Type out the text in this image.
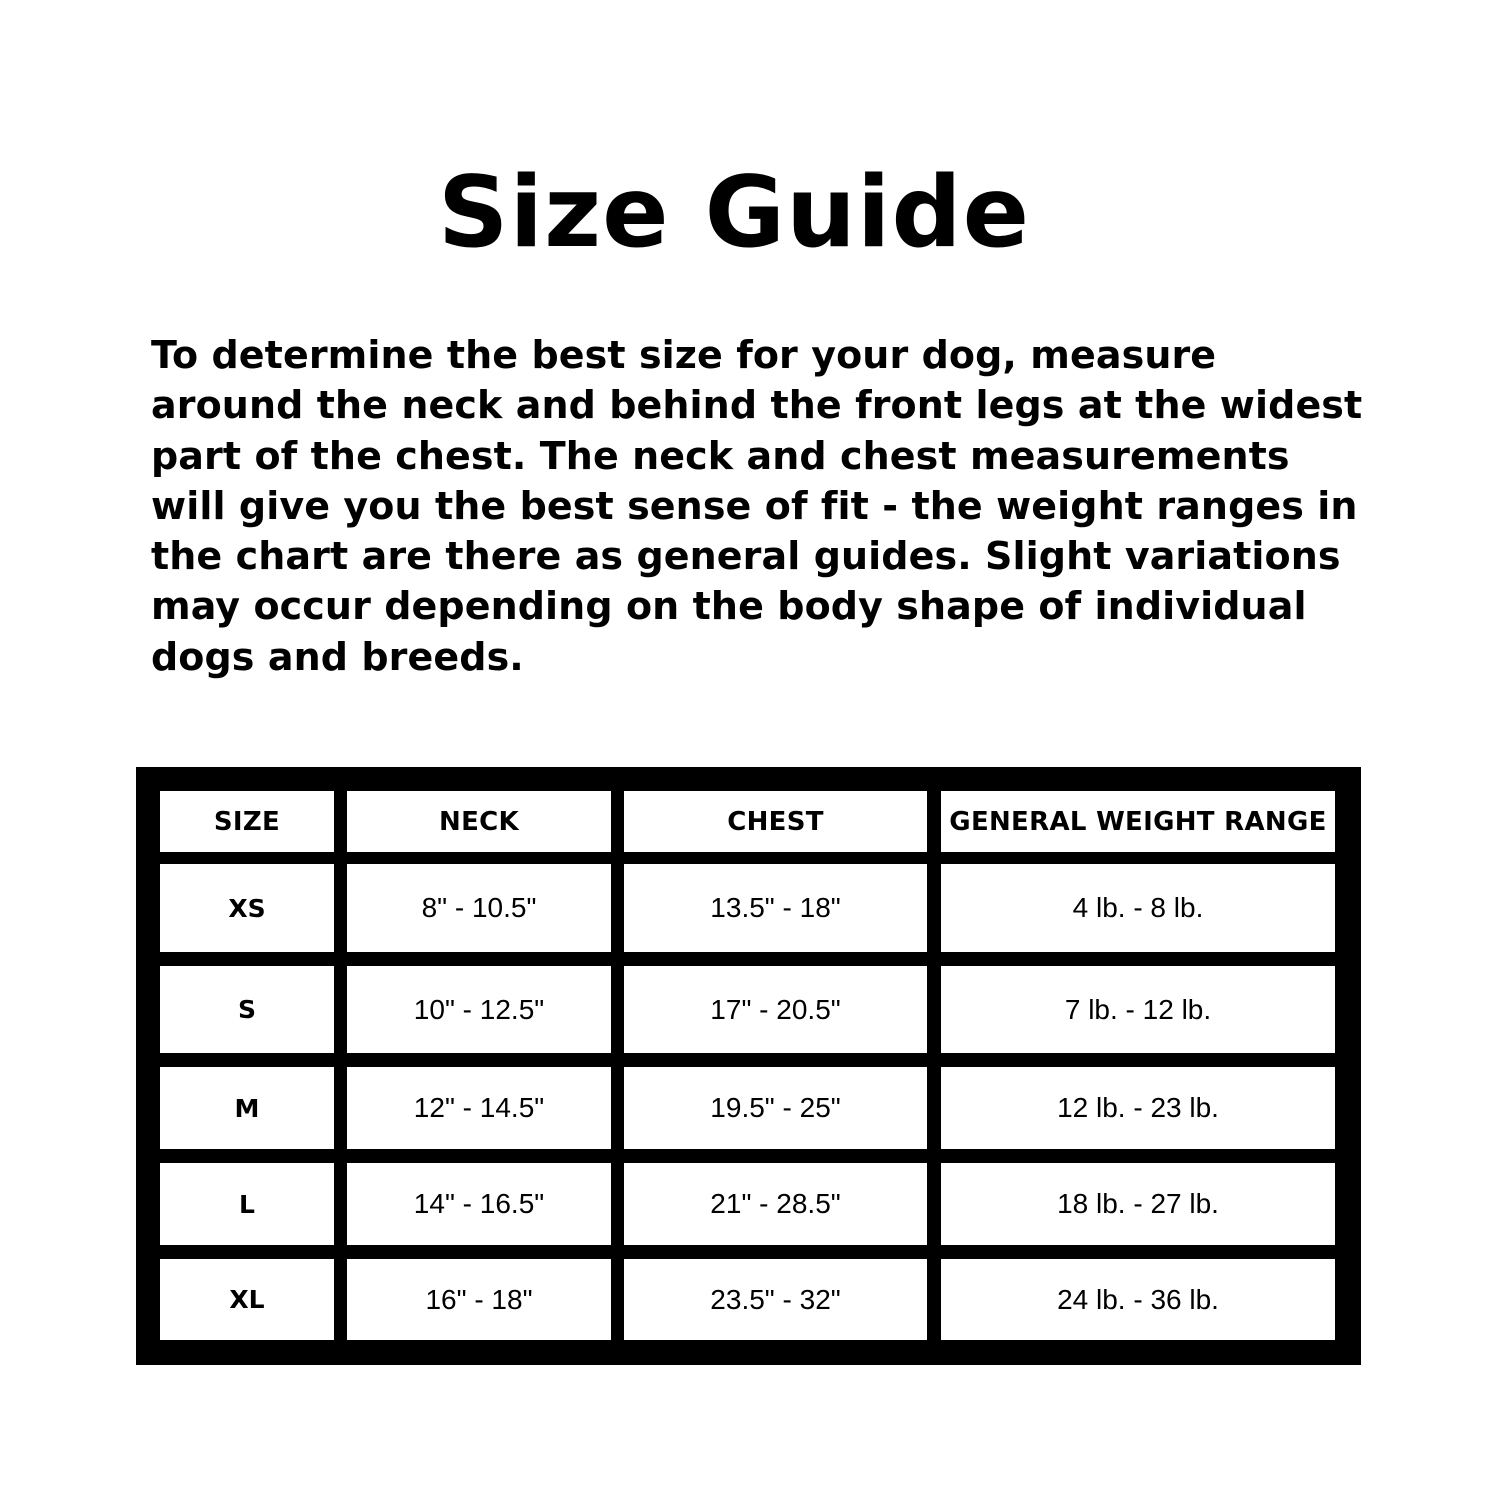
Size Guide

To determine the best size for your dog, measure around the neck and behind the front legs at the widest part of the chest. The neck and chest measurements will give you the best sense of fit - the weight ranges in the chart are there as general guides. Slight variations may occur depending on the body shape of individual dogs and breeds.

SIZE	NECK	CHEST	GENERAL WEIGHT RANGE
XS	8" - 10.5"	13.5" - 18"	4 lb. - 8 lb.
S	10" - 12.5"	17" - 20.5"	7 lb. - 12 lb.
M	12" - 14.5"	19.5" - 25"	12 lb. - 23 lb.
L	14" - 16.5"	21" - 28.5"	18 lb. - 27 lb.
XL	16" - 18"	23.5" - 32"	24 lb. - 36 lb.
